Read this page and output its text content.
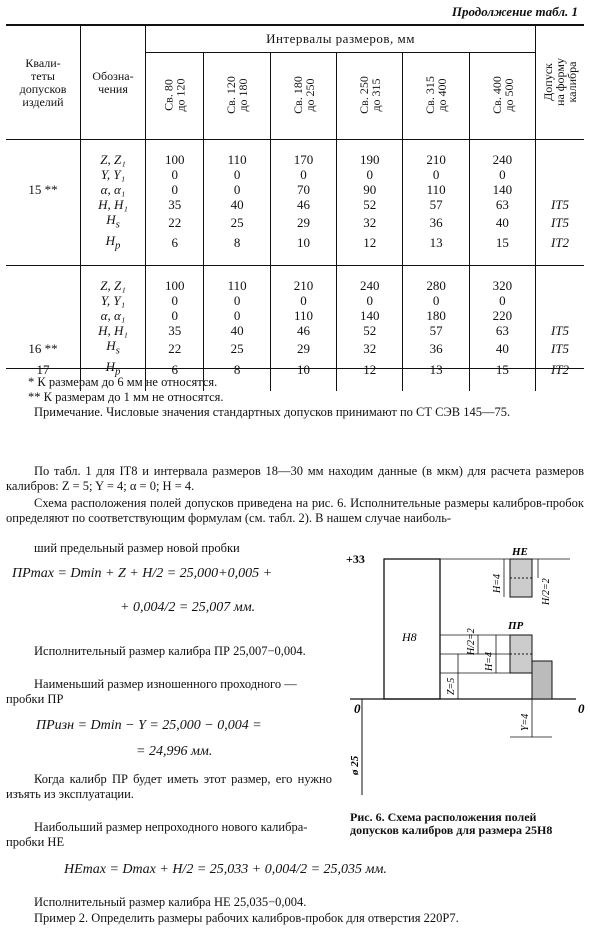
Продолжение табл. 1
Квали-
теты
допусков
изделий	Обозна-
чения	Интервалы размеров, мм						Допуск
на форму
калибра
		Св. 80
до 120	Св. 120
до 180	Св. 180
до 250	Св. 250
до 315	Св. 315
до 400	Св. 400
до 500	

	Z, Z₁	100	110	170	190	210	240	
	Y, Y₁	0	0	0	0	0	0	
15 **	α, α₁	0	0	70	90	110	140	
	H, H₁	35	40	46	52	57	63	IT5
	$H_s$	22	25	29	32	36	40	IT5
	$H_p$	6	8	10	12	13	15	IT2

	Z, Z₁	100	110	210	240	280	320	
	Y, Y₁	0	0	0	0	0	0	
	α, α₁	0	0	110	140	180	220	
	H, H₁	35	40	46	52	57	63	IT5
16 **	$H_s$	22	25	29	32	36	40	IT5
17	$H_p$	6	8	10	12	13	15	IT2

* К размерам до 6 мм не относятся.
** К размерам до 1 мм не относятся.
Примечание. Числовые значения стандартных допусков принимают по СТ СЭВ 145—75.
По табл. 1 для IT8 и интервала размеров 18—30 мм находим данные (в мкм) для расчета размеров калибров: Z = 5; Y = 4; α = 0; H = 4.
Схема расположения полей допусков приведена на рис. 6. Исполнительные размеры калибров-пробок определяют по соответствующим формулам (см. табл. 2). В нашем случае наиболь-
ший предельный размер новой пробки
ПPmax = Dmin + Z + H/2 = 25,000+0,005 +
+ 0,004/2 = 25,007 мм.
Исполнительный размер калибра ПР 25,007−0,004.
Наименьший размер изношенного проходного — пробки ПР
ПPизн = Dmin − Y = 25,000 − 0,004 =
= 24,996 мм.
Когда калибр ПР будет иметь этот размер, его нужно изъять из эксплуатации.
Наибольший размер непроходного нового калибра-пробки НЕ
HEmax = Dmax + H/2 = 25,033 + 0,004/2 = 25,035 мм.
Исполнительный размер калибра НЕ 25,035−0,004.
Пример 2. Определить размеры рабочих калибров-пробок для отверстия 220P7.
+33
0	0
H8
HE
ПР
H=4	H/2=2
H=4
H/2=2
Z=5
Y=4
ø 25
Рис. 6. Схема расположения полей допусков калибров для размера 25H8
